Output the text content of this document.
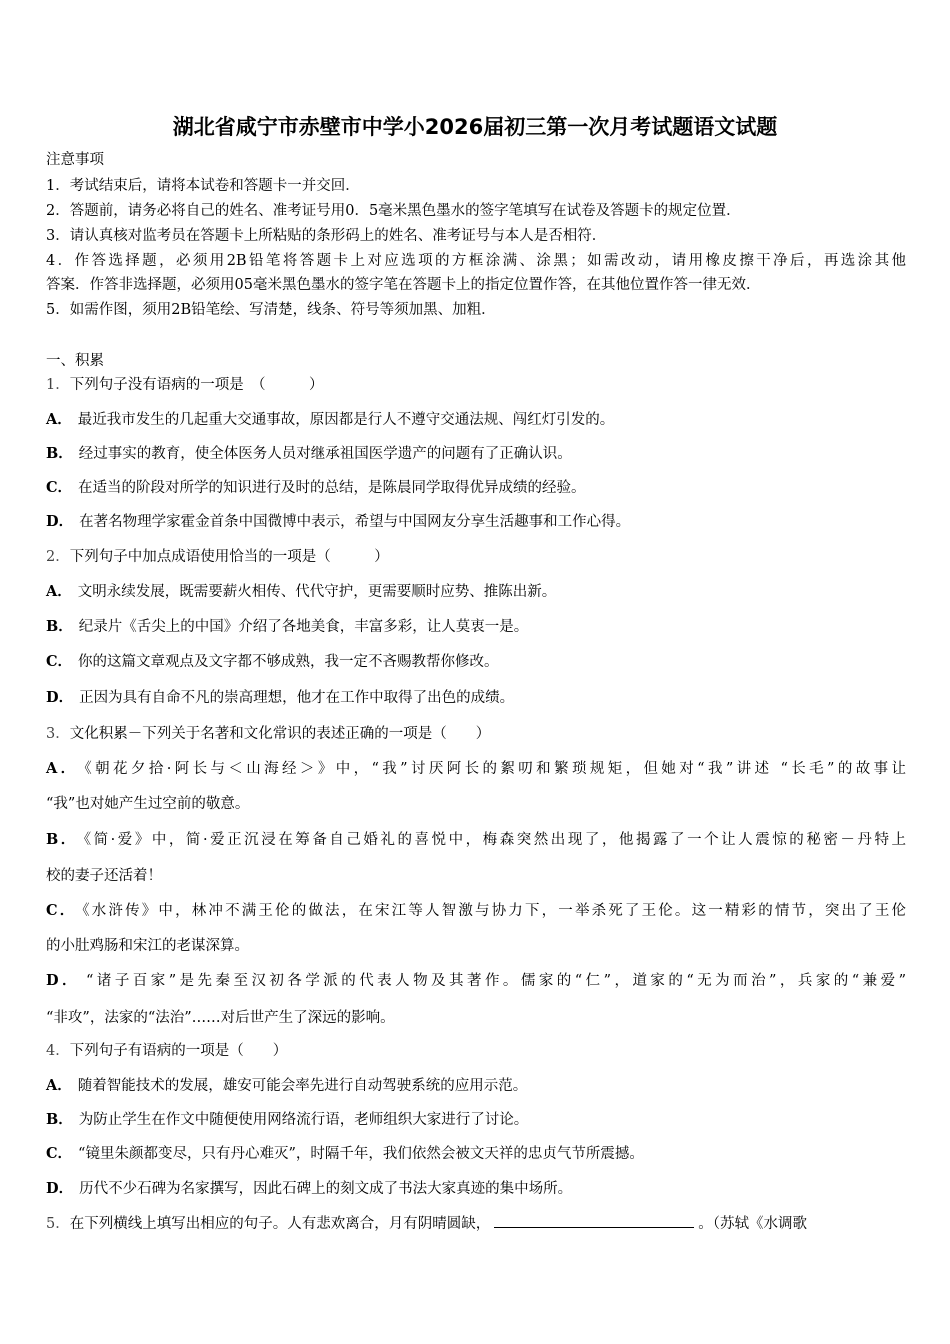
湖北省咸宁市赤壁市中学小2026届初三第一次月考试题语文试题
注意事项
1．考试结束后，请将本试卷和答题卡一并交回．
2．答题前，请务必将自己的姓名、准考证号用0．5毫米黑色墨水的签字笔填写在试卷及答题卡的规定位置．
3．请认真核对监考员在答题卡上所粘贴的条形码上的姓名、准考证号与本人是否相符．
4．作答选择题，必须用2B铅笔将答题卡上对应选项的方框涂满、涂黑；如需改动，请用橡皮擦干净后，再选涂其他
答案．作答非选择题，必须用05毫米黑色墨水的签字笔在答题卡上的指定位置作答，在其他位置作答一律无效．
5．如需作图，须用2B铅笔绘、写清楚，线条、符号等须加黑、加粗．
一、积累
1．下列句子没有语病的一项是　（　　　）
A． 最近我市发生的几起重大交通事故，原因都是行人不遵守交通法规、闯红灯引发的。
B． 经过事实的教育，使全体医务人员对继承祖国医学遗产的问题有了正确认识。
C． 在适当的阶段对所学的知识进行及时的总结，是陈晨同学取得优异成绩的经验。
D． 在著名物理学家霍金首条中国微博中表示，希望与中国网友分享生活趣事和工作心得。
2．下列句子中加点成语使用恰当的一项是（　　　）
A． 文明永续发展，既需要薪火相传、代代守护，更需要顺时应势、推陈出新。
B． 纪录片《舌尖上的中国》介绍了各地美食，丰富多彩，让人莫衷一是。
C． 你的这篇文章观点及文字都不够成熟，我一定不吝赐教帮你修改。
D． 正因为具有自命不凡的崇高理想，他才在工作中取得了出色的成绩。
3．文化积累－下列关于名著和文化常识的表述正确的一项是（　　）
A． 《朝花夕拾·阿长与＜山海经＞》中，“我”讨厌阿长的絮叨和繁琐规矩，但她对“我”讲述 “长毛”的故事让
“我”也对她产生过空前的敬意。
B． 《简·爱》中，简·爱正沉浸在筹备自己婚礼的喜悦中，梅森突然出现了，他揭露了一个让人震惊的秘密－丹特上
校的妻子还活着！
C． 《水浒传》中，林冲不满王伦的做法，在宋江等人智激与协力下，一举杀死了王伦。这一精彩的情节，突出了王伦
的小肚鸡肠和宋江的老谋深算。
D． “诸子百家”是先秦至汉初各学派的代表人物及其著作。儒家的“仁”，道家的“无为而治”，兵家的“兼爱”
“非攻”，法家的“法治”……对后世产生了深远的影响。
4．下列句子有语病的一项是（　　）
A． 随着智能技术的发展，雄安可能会率先进行自动驾驶系统的应用示范。
B． 为防止学生在作文中随便使用网络流行语，老师组织大家进行了讨论。
C． “镜里朱颜都变尽，只有丹心难灭”，时隔千年，我们依然会被文天祥的忠贞气节所震撼。
D． 历代不少石碑为名家撰写，因此石碑上的刻文成了书法大家真迹的集中场所。
5．在下列横线上填写出相应的句子。人有悲欢离合，月有阴晴圆缺，	。（苏轼《水调歌
